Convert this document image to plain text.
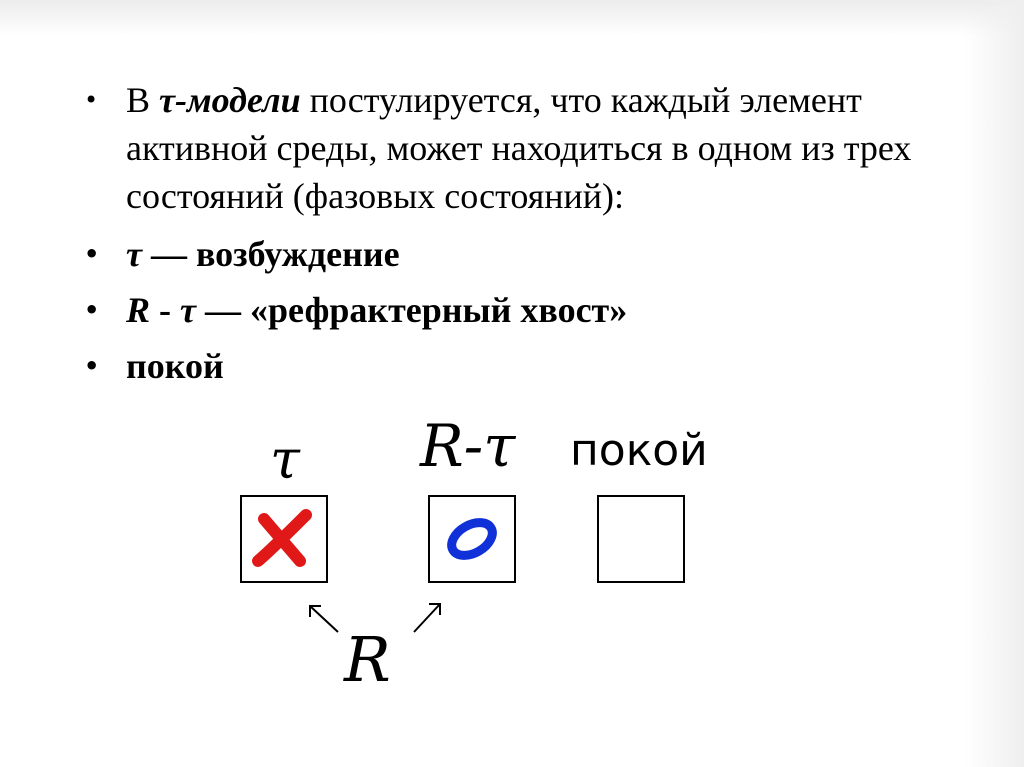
• В τ-модели постулируется, что каждый элемент активной среды, может находиться в одном из трех состояний (фазовых состояний):
• τ — возбуждение
• R - τ — «рефрактерный хвост»
• покой
τ R-τ покой
R
